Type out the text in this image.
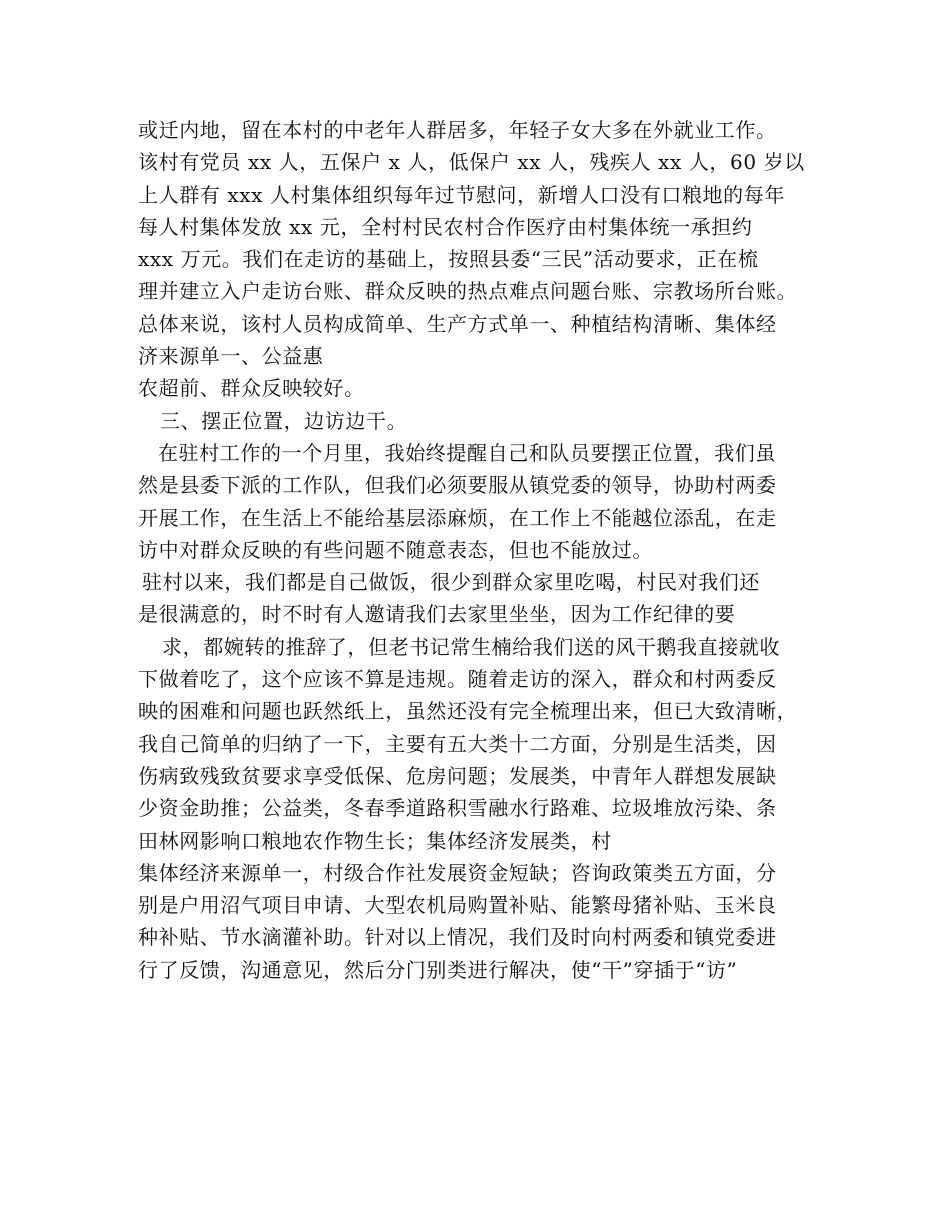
或迁内地，留在本村的中老年人群居多，年轻子女大多在外就业工作。
该村有党员 xx 人，五保户 x 人，低保户 xx 人，残疾人 xx 人，60 岁以
上人群有 xxx 人村集体组织每年过节慰问，新增人口没有口粮地的每年
每人村集体发放 xx 元，全村村民农村合作医疗由村集体统一承担约
xxx 万元。我们在走访的基础上，按照县委“三民”活动要求，正在梳
理并建立入户走访台账、群众反映的热点难点问题台账、宗教场所台账。
总体来说，该村人员构成简单、生产方式单一、种植结构清晰、集体经
济来源单一、公益惠
农超前、群众反映较好。
三、摆正位置，边访边干。
在驻村工作的一个月里，我始终提醒自己和队员要摆正位置，我们虽
然是县委下派的工作队，但我们必须要服从镇党委的领导，协助村两委
开展工作，在生活上不能给基层添麻烦，在工作上不能越位添乱，在走
访中对群众反映的有些问题不随意表态，但也不能放过。
驻村以来，我们都是自己做饭，很少到群众家里吃喝，村民对我们还
是很满意的，时不时有人邀请我们去家里坐坐，因为工作纪律的要
求，都婉转的推辞了，但老书记常生楠给我们送的风干鹅我直接就收
下做着吃了，这个应该不算是违规。随着走访的深入，群众和村两委反
映的困难和问题也跃然纸上，虽然还没有完全梳理出来，但已大致清晰，
我自己简单的归纳了一下，主要有五大类十二方面，分别是生活类，因
伤病致残致贫要求享受低保、危房问题；发展类，中青年人群想发展缺
少资金助推；公益类，冬春季道路积雪融水行路难、垃圾堆放污染、条
田林网影响口粮地农作物生长；集体经济发展类，村
集体经济来源单一，村级合作社发展资金短缺；咨询政策类五方面，分
别是户用沼气项目申请、大型农机局购置补贴、能繁母猪补贴、玉米良
种补贴、节水滴灌补助。针对以上情况，我们及时向村两委和镇党委进
行了反馈，沟通意见，然后分门别类进行解决，使“干”穿插于“访”
